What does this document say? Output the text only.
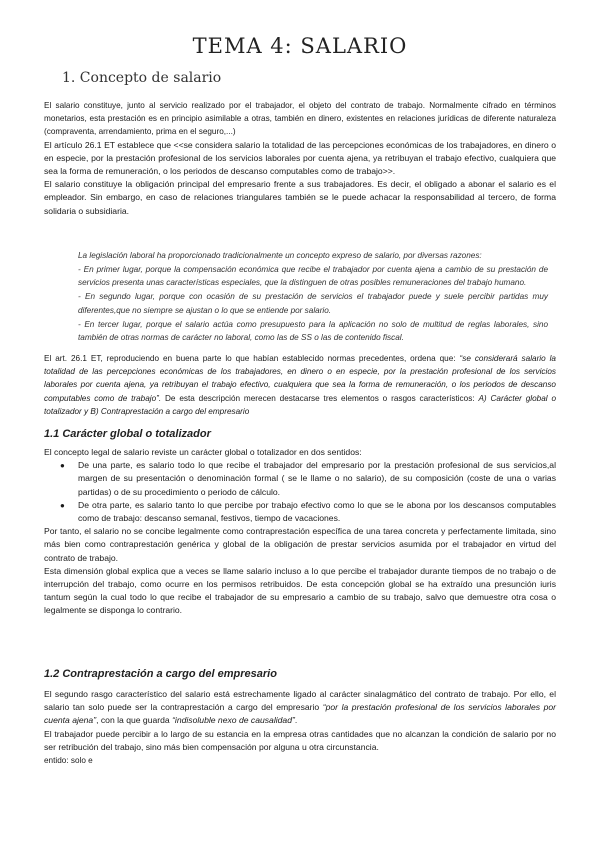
TEMA 4: SALARIO
1. Concepto de salario

El salario constituye, junto al servicio realizado por el trabajador, el objeto del contrato de trabajo. Normalmente cifrado en términos monetarios, esta prestación es en principio asimilable a otras, también en dinero, existentes en relaciones jurídicas de diferente naturaleza (compraventa, arrendamiento, prima en el seguro,...)

El artículo 26.1 ET establece que <<se considera salario la totalidad de las percepciones económicas de los trabajadores, en dinero o en especie, por la prestación profesional de los servicios laborales por cuenta ajena, ya retribuyan el trabajo efectivo, cualquiera que sea la forma de remuneración, o los periodos de descanso computables como de trabajo>>.

El salario constituye la obligación principal del empresario frente a sus trabajadores. Es decir, el obligado a abonar el salario es el empleador. Sin embargo, en caso de relaciones triangulares también se le puede achacar la responsabilidad al tercero, de forma solidaria o subsidiaria.

La legislación laboral ha proporcionado tradicionalmente un concepto expreso de salario, por diversas razones:

- En primer lugar, porque la compensación económica que recibe el trabajador por cuenta ajena a cambio de su prestación de servicios presenta unas características especiales, que la distinguen de otras posibles remuneraciones del trabajo humano.

- En segundo lugar, porque con ocasión de su prestación de servicios el trabajador puede y suele percibir partidas muy diferentes,que no siempre se ajustan o lo que se entiende por salario.

- En tercer lugar, porque el salario actúa como presupuesto para la aplicación no solo de multitud de reglas laborales, sino también de otras normas de carácter no laboral, como las de SS o las de contenido fiscal.

El art. 26.1 ET, reproduciendo en buena parte lo que habían establecido normas precedentes, ordena que: “se considerará salario la totalidad de las percepciones económicas de los trabajadores, en dinero o en especie, por la prestación profesional de los servicios laborales por cuenta ajena, ya retribuyan el trabajo efectivo, cualquiera que sea la forma de remuneración, o los periodos de descanso computables como de trabajo”. De esta descripción merecen destacarse tres elementos o rasgos característicos: A) Carácter global o totalizador y B) Contraprestación a cargo del empresario

1.1 Carácter global o totalizador

El concepto legal de salario reviste un carácter global o totalizador en dos sentidos:

● De una parte, es salario todo lo que recibe el trabajador del empresario por la prestación profesional de sus servicios,al margen de su presentación o denominación formal ( se le llame o no salario), de su composición (coste de una o varias partidas) o de su procedimiento o periodo de cálculo.
● De otra parte, es salario tanto lo que percibe por trabajo efectivo como lo que se le abona por los descansos computables como de trabajo: descanso semanal, festivos, tiempo de vacaciones.

Por tanto, el salario no se concibe legalmente como contraprestación específica de una tarea concreta y perfectamente limitada, sino más bien como contraprestación genérica y global de la obligación de prestar servicios asumida por el trabajador en virtud del contrato de trabajo.

Esta dimensión global explica que a veces se llame salario incluso a lo que percibe el trabajador durante tiempos de no trabajo o de interrupción del trabajo, como ocurre en los permisos retribuidos. De esta concepción global se ha extraído una presunción iuris tantum según la cual todo lo que recibe el trabajador de su empresario a cambio de su trabajo, salvo que demuestre otra cosa o legalmente se disponga lo contrario.

1.2 Contraprestación a cargo del empresario

El segundo rasgo característico del salario está estrechamente ligado al carácter sinalagmático del contrato de trabajo. Por ello, el salario tan solo puede ser la contraprestación a cargo del empresario “por la prestación profesional de los servicios laborales por cuenta ajena”, con la que guarda “indisoluble nexo de causalidad”.

El trabajador puede percibir a lo largo de su estancia en la empresa otras cantidades que no alcanzan la condición de salario por no ser retribución del trabajo, sino más bien compensación por alguna u otra circunstancia.

entido: solo e
